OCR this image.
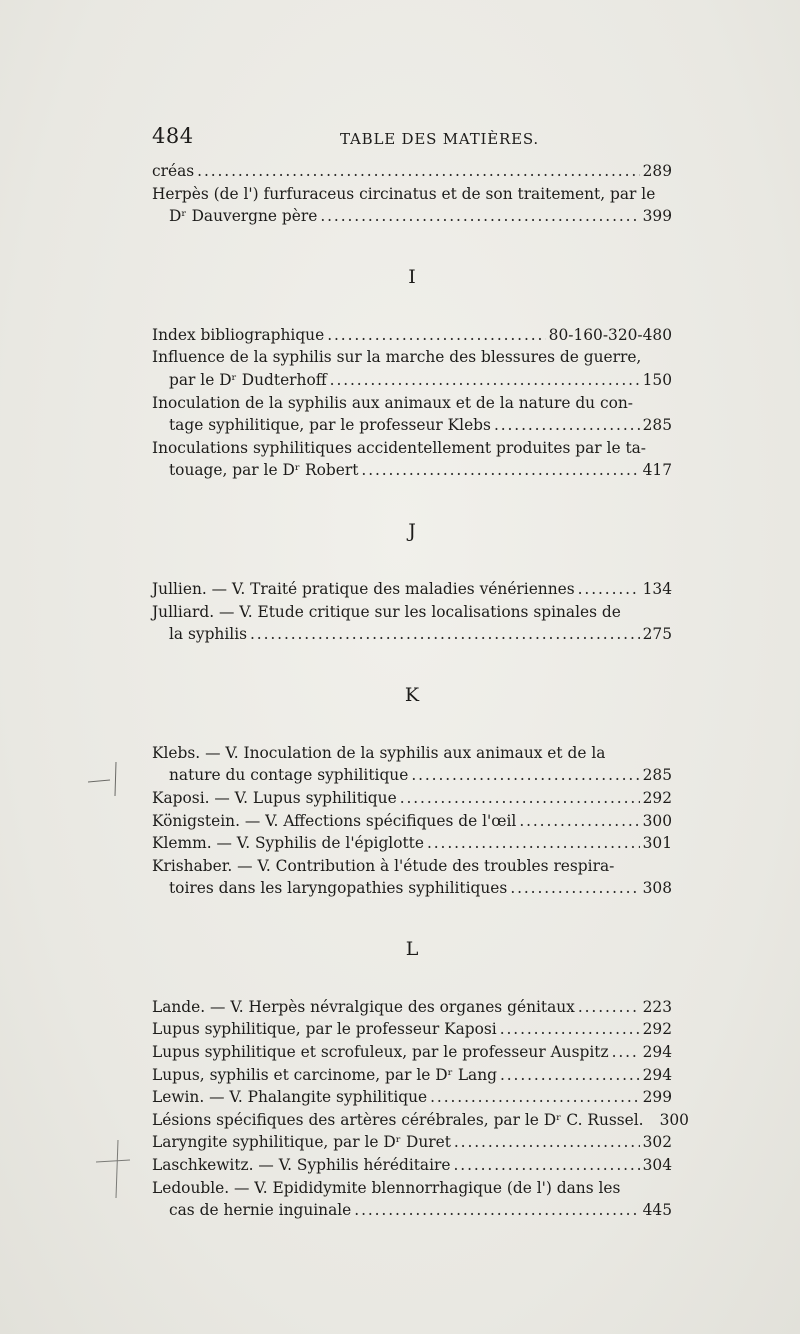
484	TABLE DES MATIÈRES.
créas . . .	289
Herpès (de l') furfuraceus circinatus et de son traitement, par le
Dʳ Dauvergne père . . .	399
I
Index bibliographique . . .	80-160-320-480
Influence de la syphilis sur la marche des blessures de guerre,
par le Dʳ Dudterhoff . . .	150
Inoculation de la syphilis aux animaux et de la nature du con-
tage syphilitique, par le professeur Klebs . . .	285
Inoculations syphilitiques accidentellement produites par le ta-
touage, par le Dʳ Robert . . .	417
J
Jullien. — V. Traité pratique des maladies vénériennes . . .	134
Julliard. — V. Etude critique sur les localisations spinales de
la syphilis . . .	275
K
Klebs. — V. Inoculation de la syphilis aux animaux et de la
nature du contage syphilitique . . .	285
Kaposi. — V. Lupus syphilitique . . .	292
Königstein. — V. Affections spécifiques de l'œil . . .	300
Klemm. — V. Syphilis de l'épiglotte . . .	301
Krishaber. — V. Contribution à l'étude des troubles respira-
toires dans les laryngopathies syphilitiques . . .	308
L
Lande. — V. Herpès névralgique des organes génitaux . . .	223
Lupus syphilitique, par le professeur Kaposi . . .	292
Lupus syphilitique et scrofuleux, par le professeur Auspitz . . . 294
Lupus, syphilis et carcinome, par le Dʳ Lang . . .	294
Lewin. — V. Phalangite syphilitique . . .	299
Lésions spécifiques des artères cérébrales, par le Dʳ C. Russel. 300
Laryngite syphilitique, par le Dʳ Duret . . .	302
Laschkewitz. — V. Syphilis héréditaire . . .	304
Ledouble. — V. Epididymite blennorrhagique (de l') dans les
cas de hernie inguinale . . .	445
